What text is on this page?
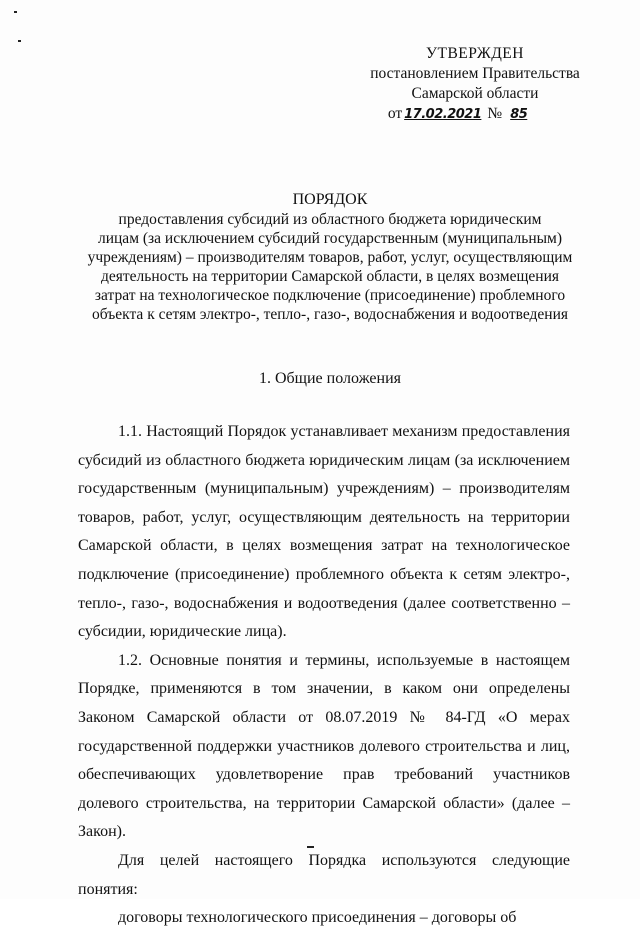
УТВЕРЖДЕН
постановлением Правительства
Самарской области
от 17.02.2021 № 85
ПОРЯДОК
предоставления субсидий из областного бюджета юридическим
лицам (за исключением субсидий государственным (муниципальным)
учреждениям) – производителям товаров, работ, услуг, осуществляющим
деятельность на территории Самарской области, в целях возмещения
затрат на технологическое подключение (присоединение) проблемного
объекта к сетям электро-, тепло-, газо-, водоснабжения и водоотведения
1. Общие положения

1.1. Настоящий Порядок устанавливает механизм предоставления субсидий из областного бюджета юридическим лицам (за исключением государственным (муниципальным) учреждениям) – производителям товаров, работ, услуг, осуществляющим деятельность на территории Самарской области, в целях возмещения затрат на технологическое подключение (присоединение) проблемного объекта к сетям электро-, тепло-, газо-, водоснабжения и водоотведения (далее соответственно – субсидии, юридические лица).

1.2. Основные понятия и термины, используемые в настоящем Порядке, применяются в том значении, в каком они определены Законом Самарской области от 08.07.2019 № 84-ГД «О мерах государственной поддержки участников долевого строительства и лиц, обеспечивающих удовлетворение прав требований участников долевого строительства, на территории Самарской области» (далее – Закон).

Для целей настоящего Порядка используются следующие понятия:

договоры технологического присоединения – договоры об
